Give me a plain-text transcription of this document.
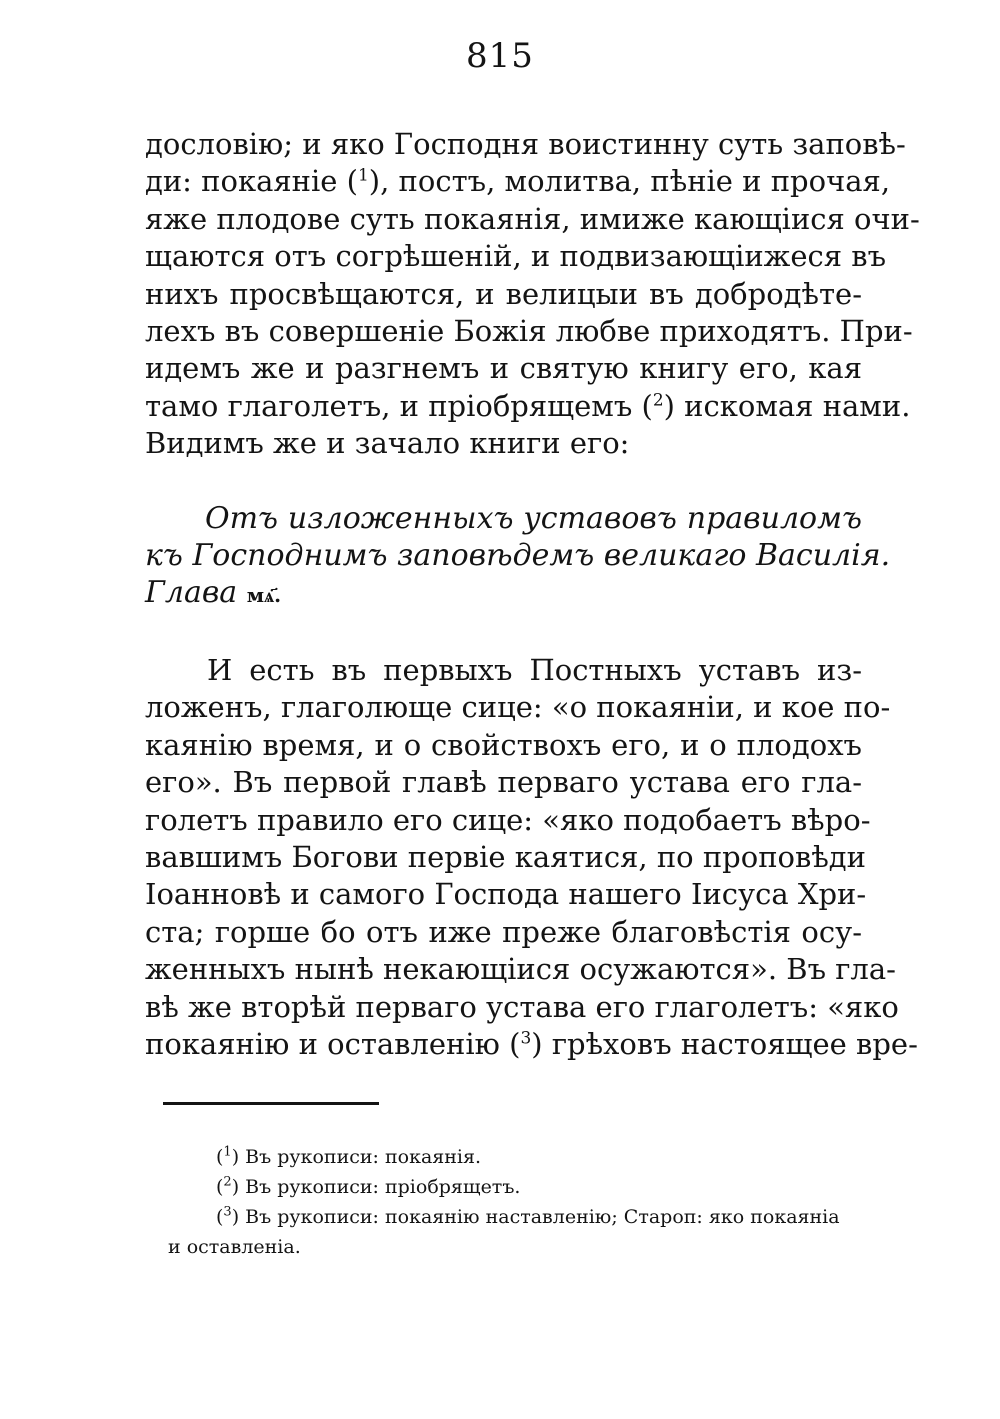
815
дословію; и яко Господня воистинну суть заповѣ-
ди: покаяніе ($^1$), постъ, молитва, пѣніе и прочая,
яже плодове суть покаянія, имиже кающіися очи-
щаются отъ согрѣшеній, и подвизающіижеся въ
нихъ просвѣщаются, и велицыи въ добродѣте-
лехъ въ совершеніе Божія любве приходятъ. При-
идемъ же и разгнемъ и святую книгу его, кая
тамо глаголетъ, и пріобрящемъ ($^2$) искомая нами.
Видимъ же и зачало книги его:
Отъ изложенныхъ уставовъ правиломъ
къ Господнимъ заповѣдемъ великаго Василія.
Глава мѧ҃.
И есть въ первыхъ Постныхъ уставъ из-
ложенъ, глаголюще сице: «о покаяніи, и кое по-
каянію время, и о свойствохъ его, и о плодохъ
его». Въ первой главѣ перваго устава его гла-
голетъ правило его сице: «яко подобаетъ вѣро-
вавшимъ Богови первіе каятися, по проповѣди
Іоанновѣ и самого Господа нашего Іисуса Хри-
ста; горше бо отъ иже преже благовѣстія осу-
женныхъ нынѣ некающіися осужаются». Въ гла-
вѣ же вторѣй перваго устава его глаголетъ: «яко
покаянію и оставленію ($^3$) грѣховъ настоящее вре-
($^1$) Въ рукописи: покаянія.
($^2$) Въ рукописи: пріобрящетъ.
($^3$) Въ рукописи: покаянію наставленію; Староп: яко покаяніа
и оставленіа.
